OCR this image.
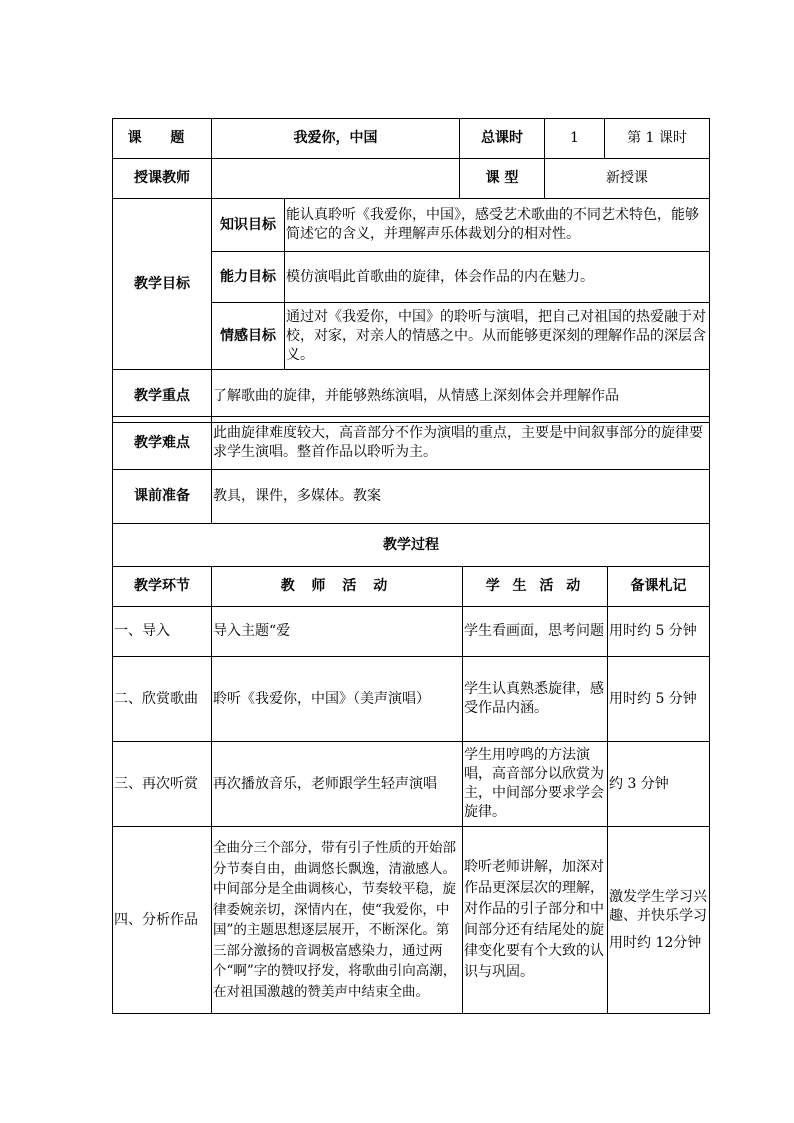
课 题	我爱你，中国		总课时	1	第 1 课时
授课教师			课 型	新授课	
教学目标	知识目标	能认真聆听《我爱你，中国》，感受艺术歌曲的不同艺术特色，能够简述它的含义，并理解声乐体裁划分的相对性。			
	能力目标	模仿演唱此首歌曲的旋律，体会作品的内在魅力。			
	情感目标	通过对《我爱你，中国》的聆听与演唱，把自己对祖国的热爱融于对校，对家，对亲人的情感之中。从而能够更深刻的理解作品的深层含义。			
教学重点	了解歌曲的旋律，并能够熟练演唱，从情感上深刻体会并理解作品				
教学难点	此曲旋律难度较大，高音部分不作为演唱的重点，主要是中间叙事部分的旋律要求学生演唱。整首作品以聆听为主。		
课前准备	教具，课件，多媒体。教案		
教学过程			
教学环节	教 师 活 动	学 生 活 动	备课札记
一、导入	导入主题“爱	学生看画面，思考问题	用时约 5 分钟
二、欣赏歌曲	聆听《我爱你，中国》（美声演唱）	学生认真熟悉旋律，感受作品内涵。	用时约 5 分钟
三、再次听赏	再次播放音乐，老师跟学生轻声演唱	学生用哼鸣的方法演唱，高音部分以欣赏为主，中间部分要求学会旋律。	约 3 分钟
四、分析作品	全曲分三个部分，带有引子性质的开始部分节奏自由，曲调悠长飘逸，清澈感人。中间部分是全曲调核心，节奏较平稳，旋律委婉亲切，深情内在，使“我爱你，中国”的主题思想逐层展开，不断深化。第三部分激扬的音调极富感染力，通过两个“啊”字的赞叹抒发，将歌曲引向高潮，在对祖国激越的赞美声中结束全曲。	聆听老师讲解，加深对作品更深层次的理解，对作品的引子部分和中间部分还有结尾处的旋律变化要有个大致的认识与巩固。	激发学生学习兴趣、并快乐学习
用时约 12分钟
